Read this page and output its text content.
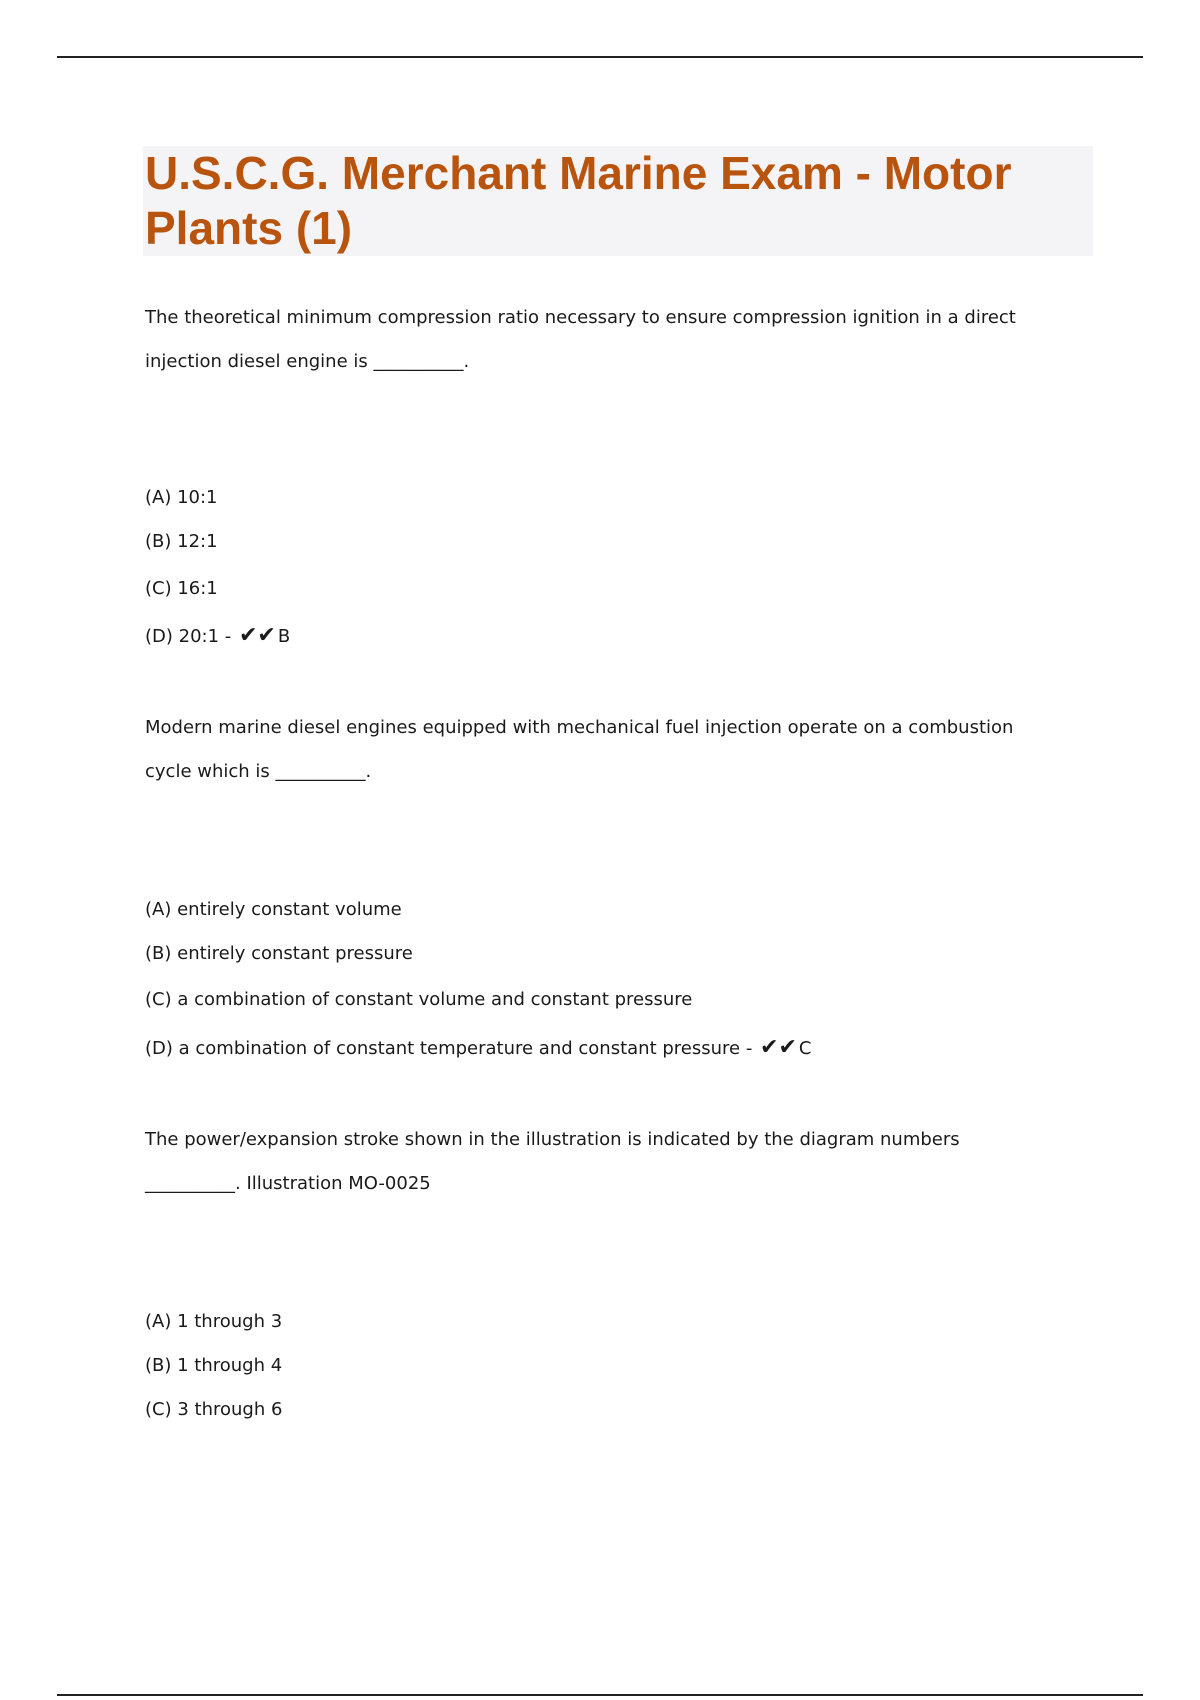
U.S.C.G. Merchant Marine Exam - Motor Plants (1)

The theoretical minimum compression ratio necessary to ensure compression ignition in a direct injection diesel engine is __________.

(A) 10:1
(B) 12:1
(C) 16:1
(D) 20:1 - ✔✔ B

Modern marine diesel engines equipped with mechanical fuel injection operate on a combustion cycle which is __________.

(A) entirely constant volume
(B) entirely constant pressure
(C) a combination of constant volume and constant pressure
(D) a combination of constant temperature and constant pressure - ✔✔ C

The power/expansion stroke shown in the illustration is indicated by the diagram numbers __________. Illustration MO-0025

(A) 1 through 3
(B) 1 through 4
(C) 3 through 6
